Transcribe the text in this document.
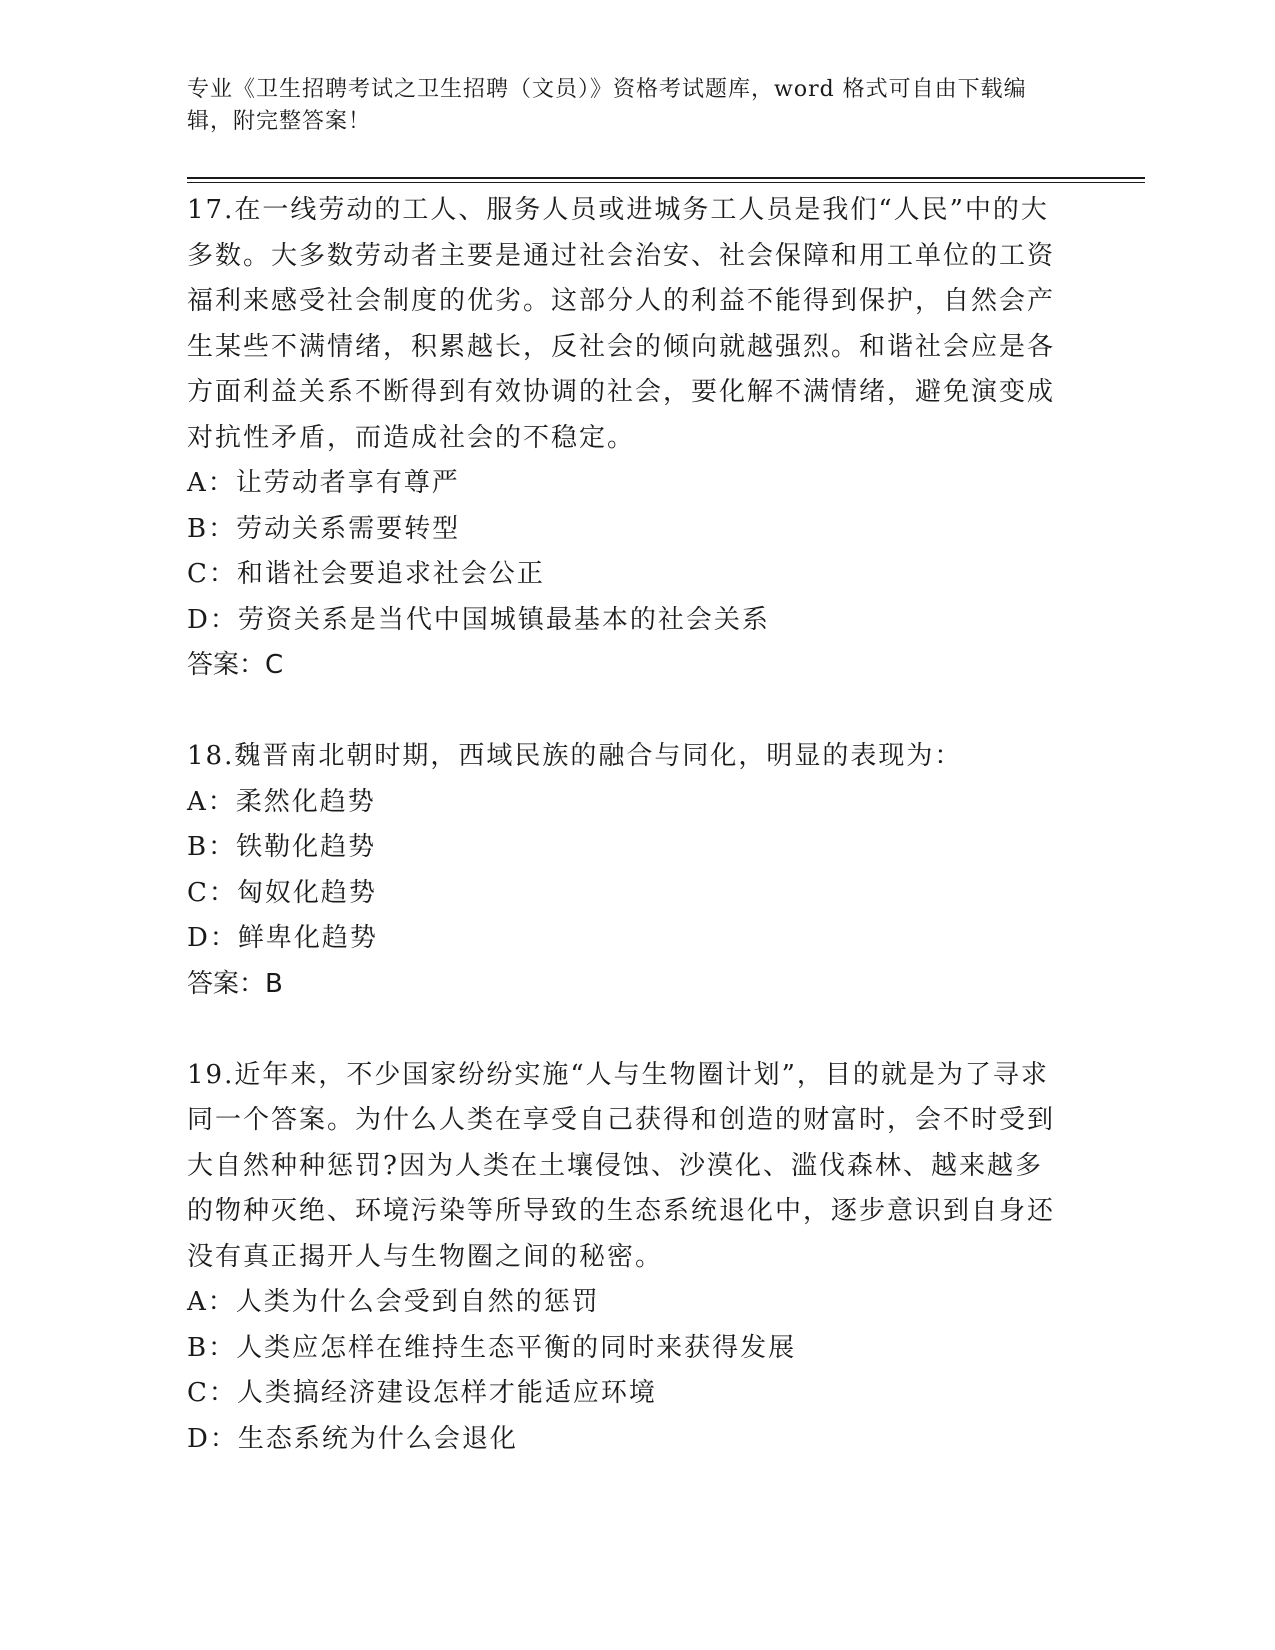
专业《卫生招聘考试之卫生招聘（文员）》资格考试题库，word 格式可自由下载编辑，附完整答案！

17.在一线劳动的工人、服务人员或进城务工人员是我们“人民”中的大多数。大多数劳动者主要是通过社会治安、社会保障和用工单位的工资福利来感受社会制度的优劣。这部分人的利益不能得到保护，自然会产生某些不满情绪，积累越长，反社会的倾向就越强烈。和谐社会应是各方面利益关系不断得到有效协调的社会，要化解不满情绪，避免演变成对抗性矛盾，而造成社会的不稳定。

A：让劳动者享有尊严

B：劳动关系需要转型

C：和谐社会要追求社会公正

D：劳资关系是当代中国城镇最基本的社会关系

答案：C

18.魏晋南北朝时期，西域民族的融合与同化，明显的表现为：

A：柔然化趋势

B：铁勒化趋势

C：匈奴化趋势

D：鲜卑化趋势

答案：B

19.近年来，不少国家纷纷实施“人与生物圈计划”，目的就是为了寻求同一个答案。为什么人类在享受自己获得和创造的财富时，会不时受到大自然种种惩罚?因为人类在土壤侵蚀、沙漠化、滥伐森林、越来越多的物种灭绝、环境污染等所导致的生态系统退化中，逐步意识到自身还没有真正揭开人与生物圈之间的秘密。

A：人类为什么会受到自然的惩罚

B：人类应怎样在维持生态平衡的同时来获得发展

C：人类搞经济建设怎样才能适应环境

D：生态系统为什么会退化
